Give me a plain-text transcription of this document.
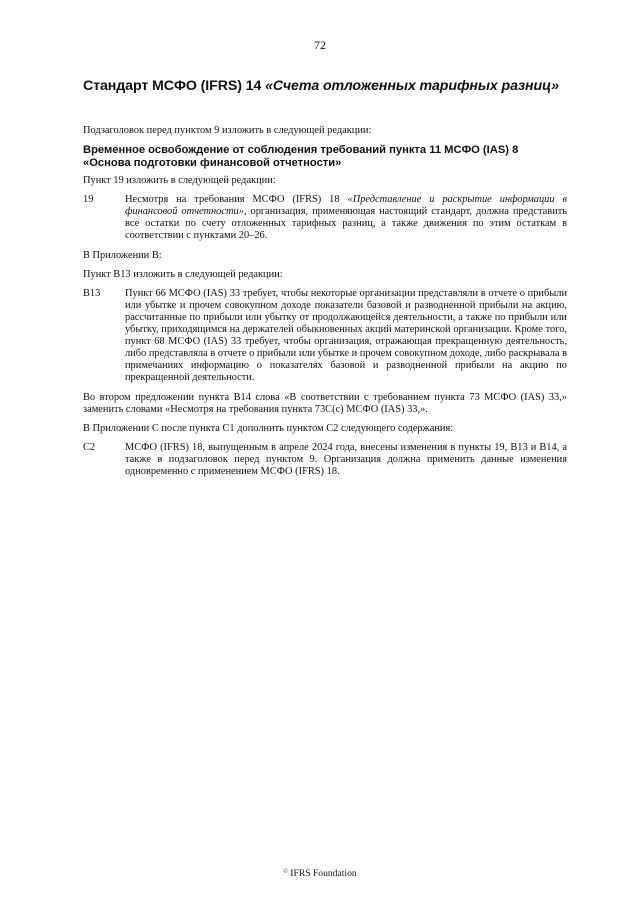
72
Стандарт МСФО (IFRS) 14 «Счета отложенных тарифных разниц»

Подзаголовок перед пунктом 9 изложить в следующей редакции:

Временное освобождение от соблюдения требований пункта 11 МСФО (IAS) 8 «Основа подготовки финансовой отчетности»

Пункт 19 изложить в следующей редакции:

19	Несмотря на требования МСФО (IFRS) 18 «Представление и раскрытие информации в финансовой отчетности», организация, применяющая настоящий стандарт, должна представить все остатки по счету отложенных тарифных разниц, а также движения по этим остаткам в соответствии с пунктами 20–26.

В Приложении В:

Пункт В13 изложить в следующей редакции:

В13	Пункт 66 МСФО (IAS) 33 требует, чтобы некоторые организации представляли в отчете о прибыли или убытке и прочем совокупном доходе показатели базовой и разводненной прибыли на акцию, рассчитанные по прибыли или убытку от продолжающейся деятельности, а также по прибыли или убытку, приходящимся на держателей обыкновенных акций материнской организации. Кроме того, пункт 68 МСФО (IAS) 33 требует, чтобы организация, отражающая прекращенную деятельность, либо представляла в отчете о прибыли или убытке и прочем совокупном доходе, либо раскрывала в примечаниях информацию о показателях базовой и разводненной прибыли на акцию по прекращенной деятельности.

Во втором предложении пункта В14 слова «В соответствии с требованием пункта 73 МСФО (IAS) 33,» заменить словами «Несмотря на требования пункта 73С(c) МСФО (IAS) 33,».

В Приложении С после пункта С1 дополнить пунктом С2 следующего содержания:

С2	МСФО (IFRS) 18, выпущенным в апреле 2024 года, внесены изменения в пункты 19, В13 и В14, а также в подзаголовок перед пунктом 9. Организация должна применить данные изменения одновременно с применением МСФО (IFRS) 18.
© IFRS Foundation
